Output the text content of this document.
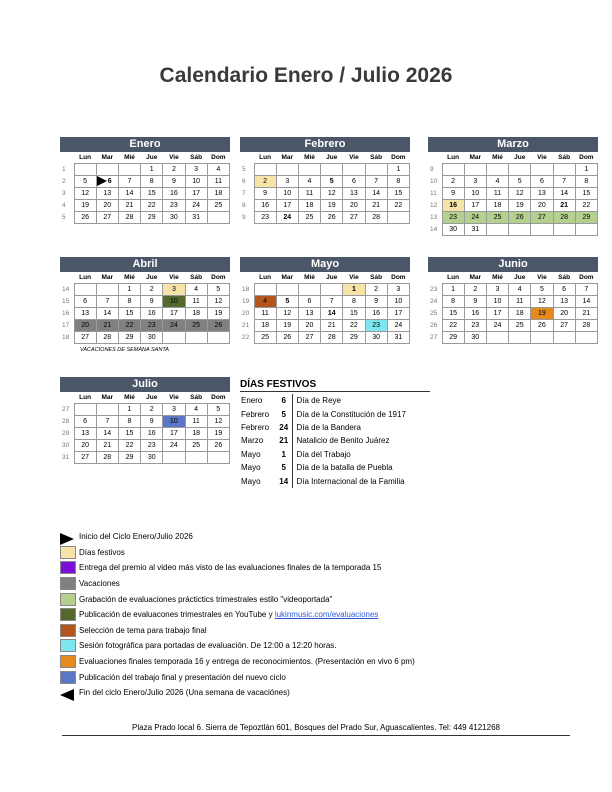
Calendario Enero / Julio 2026
Enero
	Lun	Mar	Mié	Jue	Vie	Sáb	Dom
1				1	2	3	4
2	5	6	7	8	9	10	11
3	12	13	14	15	16	17	18
4	19	20	21	22	23	24	25
5	26	27	28	29	30	31	
Febrero
	Lun	Mar	Mié	Jue	Vie	Sáb	Dom
5							1
6	2	3	4	5	6	7	8
7	9	10	11	12	13	14	15
8	16	17	18	19	20	21	22
9	23	24	25	26	27	28	
Marzo
	Lun	Mar	Mié	Jue	Vie	Sáb	Dom
9							1
10	2	3	4	5	6	7	8
11	9	10	11	12	13	14	15
12	16	17	18	19	20	21	22
13	23	24	25	26	27	28	29
14	30	31					
Abril
	Lun	Mar	Mié	Jue	Vie	Sáb	Dom
14			1	2	3	4	5
15	6	7	8	9	10	11	12
16	13	14	15	16	17	18	19
17	20	21	22	23	24	25	26
18	27	28	29	30			
Mayo
	Lun	Mar	Mié	Jue	Vie	Sáb	Dom
18					1	2	3
19	4	5	6	7	8	9	10
20	11	12	13	14	15	16	17
21	18	19	20	21	22	23	24
22	25	26	27	28	29	30	31
Junio
	Lun	Mar	Mié	Jue	Vie	Sáb	Dom
23	1	2	3	4	5	6	7
24	8	9	10	11	12	13	14
25	15	16	17	18	19	20	21
26	22	23	24	25	26	27	28
27	29	30					
Julio
	Lun	Mar	Mié	Jue	Vie	Sáb	Dom
27			1	2	3	4	5
28	6	7	8	9	10	11	12
29	13	14	15	16	17	18	19
30	20	21	22	23	24	25	26
31	27	28	29	30			
VACACIONES DE SEMANA SANTA
DÍAS FESTIVOS
Enero	6	Día de Reye
Febrero	5	Día de la Constitución de 1917
Febrero	24	Día de la Bandera
Marzo	21	Natalicio de Benito Juárez
Mayo	1	Día del Trabajo
Mayo	5	Día de la batalla de Puebla
Mayo	14	Día Internacional de la Familia
Inicio del Ciclo Enero/Julio 2026
Días festivos
Entrega del premio al video más visto de las evaluaciones finales de la temporada 15
Vacaciones
Grabación de evaluaciones práctictics trimestrales estilo "videoportada"
Publicación de evaluacones trimestrales en YouTube y lukinmusic.com/evaluaciones
Selección de tema para trabajo final
Sesión fotográfica para portadas de evaluación. De 12:00 a 12:20 horas.
Evaluaciones finales temporada 16 y entrega de reconocimientos. (Presentación en vivo 6 pm)
Publicación del trabajo final y presentación del nuevo ciclo
Fin del ciclo Enero/Julio 2026 (Una semana de vacaciónes)
Plaza Prado local 6. Sierra de Tepoztlán 601, Bosques del Prado Sur, Aguascalientes. Tel: 449 4121268
